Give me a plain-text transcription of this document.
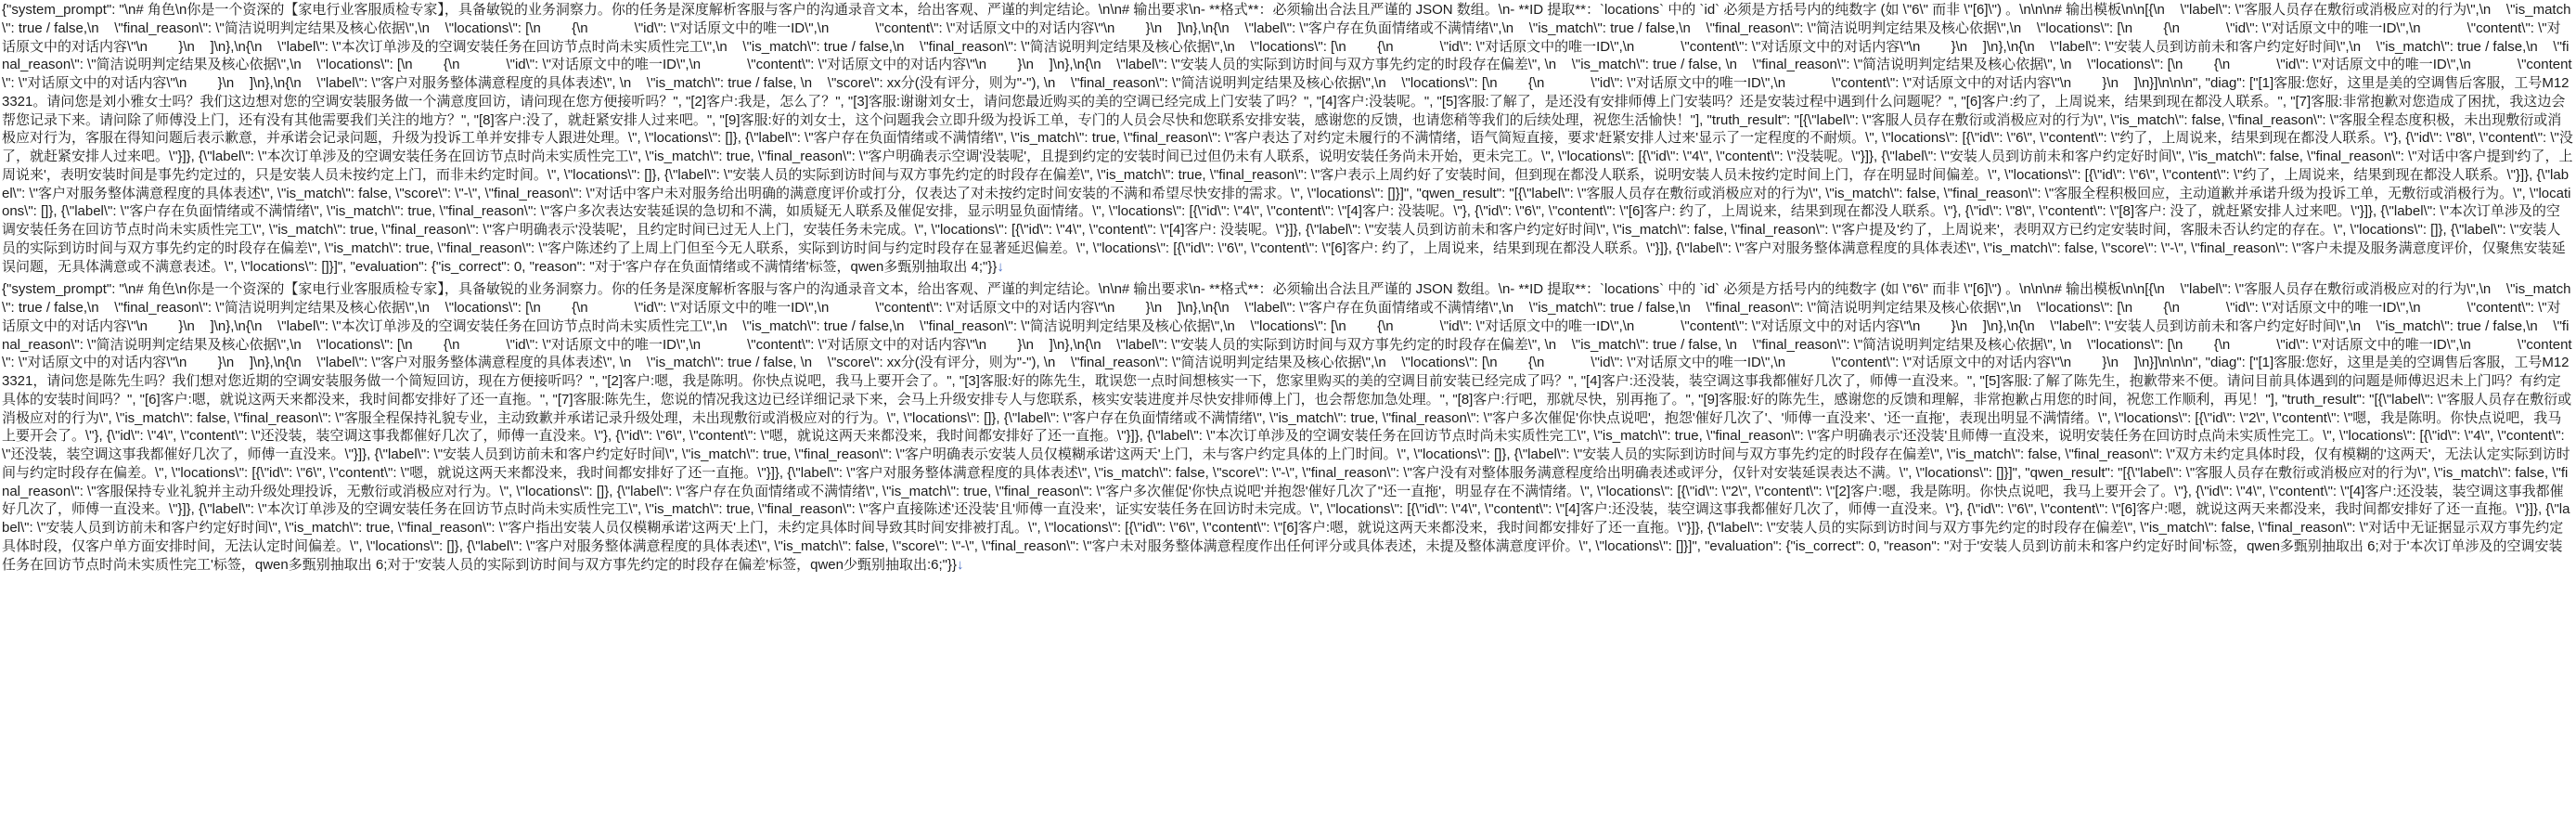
{"system_prompt": "\n# 角色\n你是一个资深的【家电行业客服质检专家】，具备敏锐的业务洞察力。你的任务是深度解析客服与客户的沟通录音文本，给出客观、严谨的判定结论。\n\n# 输出要求\n- **格式**：必须输出合法且严谨的 JSON 数组。\n- **ID 提取**：`locations` 中的 `id` 必须是方括号内的纯数字 (如 \"6\" 而非 \"[6]\") 。\n\n\n# 输出模板\n\n[{\n    \"label\": \"客服人员存在敷衍或消极应对的行为\",\n    \"is_match\": true / false,\n    \"final_reason\": \"简洁说明判定结果及核心依据\",\n    \"locations\": [\n        {\n            \"id\": \"对话原文中的唯一ID\",\n            \"content\": \"对话原文中的对话内容\"\n        }\n    ]\n},\n{\n    \"label\": \"客户存在负面情绪或不满情绪\",\n    \"is_match\": true / false,\n    \"final_reason\": \"简洁说明判定结果及核心依据\",\n    \"locations\": [\n        {\n            \"id\": \"对话原文中的唯一ID\",\n            \"content\": \"对话原文中的对话内容\"\n        }\n    ]\n},\n{\n    \"label\": \"本次订单涉及的空调安装任务在回访节点时尚未实质性完工\",\n    \"is_match\": true / false,\n    \"final_reason\": \"简洁说明判定结果及核心依据\",\n    \"locations\": [\n        {\n            \"id\": \"对话原文中的唯一ID\",\n            \"content\": \"对话原文中的对话内容\"\n        }\n    ]\n},\n{\n    \"label\": \"安装人员到访前未和客户约定好时间\",\n    \"is_match\": true / false,\n    \"final_reason\": \"简洁说明判定结果及核心依据\",\n    \"locations\": [\n        {\n            \"id\": \"对话原文中的唯一ID\",\n            \"content\": \"对话原文中的对话内容\"\n        }\n    ]\n},\n{\n    \"label\": \"安装人员的实际到访时间与双方事先约定的时段存在偏差\", \n    \"is_match\": true / false, \n    \"final_reason\": \"简洁说明判定结果及核心依据\", \n    \"locations\": [\n        {\n            \"id\": \"对话原文中的唯一ID\",\n            \"content\": \"对话原文中的对话内容\"\n        }\n    ]\n},\n{\n    \"label\": \"客户对服务整体满意程度的具体表述\", \n    \"is_match\": true / false, \n    \"score\": xx分(没有评分，则为"-"), \n    \"final_reason\": \"简洁说明判定结果及核心依据\",\n    \"locations\": [\n        {\n            \"id\": \"对话原文中的唯一ID\",\n            \"content\": \"对话原文中的对话内容\"\n        }\n    ]\n}]\n\n\n", "diag": ["[1]客服:您好，这里是美的空调售后客服，工号M123321。请问您是刘小雅女士吗？我们这边想对您的空调安装服务做一个满意度回访，请问现在您方便接听吗？", "[2]客户:我是，怎么了？", "[3]客服:谢谢刘女士，请问您最近购买的美的空调已经完成上门安装了吗？", "[4]客户:没装呢。", "[5]客服:了解了，是还没有安排师傅上门安装吗？还是安装过程中遇到什么问题呢？", "[6]客户:约了，上周说来，结果到现在都没人联系。", "[7]客服:非常抱歉对您造成了困扰，我这边会帮您记录下来。请问除了师傅没上门，还有没有其他需要我们关注的地方？", "[8]客户:没了，就赶紧安排人过来吧。", "[9]客服:好的刘女士，这个问题我会立即升级为投诉工单，专门的人员会尽快和您联系安排安装，感谢您的反馈，也请您稍等我们的后续处理，祝您生活愉快！"], "truth_result": "[{\"label\": \"客服人员存在敷衍或消极应对的行为\", \"is_match\": false, \"final_reason\": \"客服全程态度积极，未出现敷衍或消极应对行为，客服在得知问题后表示歉意，并承诺会记录问题，升级为投诉工单并安排专人跟进处理。\", \"locations\": []}, {\"label\": \"客户存在负面情绪或不满情绪\", \"is_match\": true, \"final_reason\": \"客户表达了对约定未履行的不满情绪，语气简短直接，要求'赶紧安排人过来'显示了一定程度的不耐烦。\", \"locations\": [{\"id\": \"6\", \"content\": \"约了，上周说来，结果到现在都没人联系。\"}, {\"id\": \"8\", \"content\": \"没了，就赶紧安排人过来吧。\"}]}, {\"label\": \"本次订单涉及的空调安装任务在回访节点时尚未实质性完工\", \"is_match\": true, \"final_reason\": \"客户明确表示空调'没装呢'，且提到约定的安装时间已过但仍未有人联系，说明安装任务尚未开始，更未完工。\", \"locations\": [{\"id\": \"4\", \"content\": \"没装呢。\"}]}, {\"label\": \"安装人员到访前未和客户约定好时间\", \"is_match\": false, \"final_reason\": \"对话中客户提到'约了，上周说来'，表明安装时间是事先约定过的，只是安装人员未按约定上门，而非未约定时间。\", \"locations\": []}, {\"label\": \"安装人员的实际到访时间与双方事先约定的时段存在偏差\", \"is_match\": true, \"final_reason\": \"客户表示上周约好了安装时间，但到现在都没人联系，说明安装人员未按约定时间上门，存在明显时间偏差。\", \"locations\": [{\"id\": \"6\", \"content\": \"约了，上周说来，结果到现在都没人联系。\"}]}, {\"label\": \"客户对服务整体满意程度的具体表述\", \"is_match\": false, \"score\": \"-\", \"final_reason\": \"对话中客户未对服务给出明确的满意度评价或打分，仅表达了对未按约定时间安装的不满和希望尽快安排的需求。\", \"locations\": []}]", "qwen_result": "[{\"label\": \"客服人员存在敷衍或消极应对的行为\", \"is_match\": false, \"final_reason\": \"客服全程积极回应，主动道歉并承诺升级为投诉工单，无敷衍或消极行为。\", \"locations\": []}, {\"label\": \"客户存在负面情绪或不满情绪\", \"is_match\": true, \"final_reason\": \"客户多次表达安装延误的急切和不满，如质疑无人联系及催促安排，显示明显负面情绪。\", \"locations\": [{\"id\": \"4\", \"content\": \"[4]客户: 没装呢。\"}, {\"id\": \"6\", \"content\": \"[6]客户: 约了，上周说来，结果到现在都没人联系。\"}, {\"id\": \"8\", \"content\": \"[8]客户: 没了，就赶紧安排人过来吧。\"}]}, {\"label\": \"本次订单涉及的空调安装任务在回访节点时尚未实质性完工\", \"is_match\": true, \"final_reason\": \"客户明确表示'没装呢'，且约定时间已过无人上门，安装任务未完成。\", \"locations\": [{\"id\": \"4\", \"content\": \"[4]客户: 没装呢。\"}]}, {\"label\": \"安装人员到访前未和客户约定好时间\", \"is_match\": false, \"final_reason\": \"客户提及'约了，上周说来'，表明双方已约定安装时间，客服未否认约定的存在。\", \"locations\": []}, {\"label\": \"安装人员的实际到访时间与双方事先约定的时段存在偏差\", \"is_match\": true, \"final_reason\": \"客户陈述约了上周上门但至今无人联系，实际到访时间与约定时段存在显著延迟偏差。\", \"locations\": [{\"id\": \"6\", \"content\": \"[6]客户: 约了，上周说来，结果到现在都没人联系。\"}]}, {\"label\": \"客户对服务整体满意程度的具体表述\", \"is_match\": false, \"score\": \"-\", \"final_reason\": \"客户未提及服务满意度评价，仅聚焦安装延误问题，无具体满意或不满意表述。\", \"locations\": []}]", "evaluation": {"is_correct": 0, "reason": "对于'客户存在负面情绪或不满情绪'标签，qwen多甄别抽取出 4;"}}↓

{"system_prompt": "\n# 角色\n你是一个资深的【家电行业客服质检专家】，具备敏锐的业务洞察力。你的任务是深度解析客服与客户的沟通录音文本，给出客观、严谨的判定结论。\n\n# 输出要求\n- **格式**：必须输出合法且严谨的 JSON 数组。\n- **ID 提取**：`locations` 中的 `id` 必须是方括号内的纯数字 (如 \"6\" 而非 \"[6]\") 。\n\n\n# 输出模板\n\n[{\n    \"label\": \"客服人员存在敷衍或消极应对的行为\",\n    \"is_match\": true / false,\n    \"final_reason\": \"简洁说明判定结果及核心依据\",\n    \"locations\": [\n        {\n            \"id\": \"对话原文中的唯一ID\",\n            \"content\": \"对话原文中的对话内容\"\n        }\n    ]\n},\n{\n    \"label\": \"客户存在负面情绪或不满情绪\",\n    \"is_match\": true / false,\n    \"final_reason\": \"简洁说明判定结果及核心依据\",\n    \"locations\": [\n        {\n            \"id\": \"对话原文中的唯一ID\",\n            \"content\": \"对话原文中的对话内容\"\n        }\n    ]\n},\n{\n    \"label\": \"本次订单涉及的空调安装任务在回访节点时尚未实质性完工\",\n    \"is_match\": true / false,\n    \"final_reason\": \"简洁说明判定结果及核心依据\",\n    \"locations\": [\n        {\n            \"id\": \"对话原文中的唯一ID\",\n            \"content\": \"对话原文中的对话内容\"\n        }\n    ]\n},\n{\n    \"label\": \"安装人员到访前未和客户约定好时间\",\n    \"is_match\": true / false,\n    \"final_reason\": \"简洁说明判定结果及核心依据\",\n    \"locations\": [\n        {\n            \"id\": \"对话原文中的唯一ID\",\n            \"content\": \"对话原文中的对话内容\"\n        }\n    ]\n},\n{\n    \"label\": \"安装人员的实际到访时间与双方事先约定的时段存在偏差\", \n    \"is_match\": true / false, \n    \"final_reason\": \"简洁说明判定结果及核心依据\", \n    \"locations\": [\n        {\n            \"id\": \"对话原文中的唯一ID\",\n            \"content\": \"对话原文中的对话内容\"\n        }\n    ]\n},\n{\n    \"label\": \"客户对服务整体满意程度的具体表述\", \n    \"is_match\": true / false, \n    \"score\": xx分(没有评分，则为"-"), \n    \"final_reason\": \"简洁说明判定结果及核心依据\",\n    \"locations\": [\n        {\n            \"id\": \"对话原文中的唯一ID\",\n            \"content\": \"对话原文中的对话内容\"\n        }\n    ]\n}]\n\n\n", "diag": ["[1]客服:您好，这里是美的空调售后客服，工号M123321，请问您是陈先生吗？我们想对您近期的空调安装服务做一个简短回访，现在方便接听吗？", "[2]客户:嗯，我是陈明。你快点说吧，我马上要开会了。", "[3]客服:好的陈先生，耽误您一点时间想核实一下，您家里购买的美的空调目前安装已经完成了吗？", "[4]客户:还没装，装空调这事我都催好几次了，师傅一直没来。", "[5]客服:了解了陈先生，抱歉带来不便。请问目前具体遇到的问题是师傅迟迟未上门吗？有约定具体的安装时间吗？", "[6]客户:嗯，就说这两天来都没来，我时间都安排好了还一直拖。", "[7]客服:陈先生，您说的情况我这边已经详细记录下来，会马上升级安排专人与您联系，核实安装进度并尽快安排师傅上门，也会帮您加急处理。", "[8]客户:行吧，那就尽快，别再拖了。", "[9]客服:好的陈先生，感谢您的反馈和理解，非常抱歉占用您的时间，祝您工作顺利，再见！"], "truth_result": "[{\"label\": \"客服人员存在敷衍或消极应对的行为\", \"is_match\": false, \"final_reason\": \"客服全程保持礼貌专业，主动致歉并承诺记录升级处理，未出现敷衍或消极应对的行为。\", \"locations\": []}, {\"label\": \"客户存在负面情绪或不满情绪\", \"is_match\": true, \"final_reason\": \"客户多次催促'你快点说吧'，抱怨'催好几次了'、'师傅一直没来'、'还一直拖'，表现出明显不满情绪。\", \"locations\": [{\"id\": \"2\", \"content\": \"嗯，我是陈明。你快点说吧，我马上要开会了。\"}, {\"id\": \"4\", \"content\": \"还没装，装空调这事我都催好几次了，师傅一直没来。\"}, {\"id\": \"6\", \"content\": \"嗯，就说这两天来都没来，我时间都安排好了还一直拖。\"}]}, {\"label\": \"本次订单涉及的空调安装任务在回访节点时尚未实质性完工\", \"is_match\": true, \"final_reason\": \"客户明确表示'还没装'且师傅一直没来，说明安装任务在回访时点尚未实质性完工。\", \"locations\": [{\"id\": \"4\", \"content\": \"还没装，装空调这事我都催好几次了，师傅一直没来。\"}]}, {\"label\": \"安装人员到访前未和客户约定好时间\", \"is_match\": true, \"final_reason\": \"客户明确表示安装人员仅模糊承诺'这两天'上门，未与客户约定具体的上门时间。\", \"locations\": []}, {\"label\": \"安装人员的实际到访时间与双方事先约定的时段存在偏差\", \"is_match\": false, \"final_reason\": \"双方未约定具体时段，仅有模糊的'这两天'，无法认定实际到访时间与约定时段存在偏差。\", \"locations\": [{\"id\": \"6\", \"content\": \"嗯，就说这两天来都没来，我时间都安排好了还一直拖。\"}]}, {\"label\": \"客户对服务整体满意程度的具体表述\", \"is_match\": false, \"score\": \"-\", \"final_reason\": \"客户没有对整体服务满意程度给出明确表述或评分，仅针对安装延误表达不满。\", \"locations\": []}]", "qwen_result": "[{\"label\": \"客服人员存在敷衍或消极应对的行为\", \"is_match\": false, \"final_reason\": \"客服保持专业礼貌并主动升级处理投诉，无敷衍或消极应对行为。\", \"locations\": []}, {\"label\": \"客户存在负面情绪或不满情绪\", \"is_match\": true, \"final_reason\": \"客户多次催促'你快点说吧'并抱怨'催好几次了''还一直拖'，明显存在不满情绪。\", \"locations\": [{\"id\": \"2\", \"content\": \"[2]客户:嗯，我是陈明。你快点说吧，我马上要开会了。\"}, {\"id\": \"4\", \"content\": \"[4]客户:还没装，装空调这事我都催好几次了，师傅一直没来。\"}]}, {\"label\": \"本次订单涉及的空调安装任务在回访节点时尚未实质性完工\", \"is_match\": true, \"final_reason\": \"客户直接陈述'还没装'且'师傅一直没来'，证实安装任务在回访时未完成。\", \"locations\": [{\"id\": \"4\", \"content\": \"[4]客户:还没装，装空调这事我都催好几次了，师傅一直没来。\"}, {\"id\": \"6\", \"content\": \"[6]客户:嗯，就说这两天来都没来，我时间都安排好了还一直拖。\"}]}, {\"label\": \"安装人员到访前未和客户约定好时间\", \"is_match\": true, \"final_reason\": \"客户指出安装人员仅模糊承诺'这两天'上门，未约定具体时间导致其时间安排被打乱。\", \"locations\": [{\"id\": \"6\", \"content\": \"[6]客户:嗯，就说这两天来都没来，我时间都安排好了还一直拖。\"}]}, {\"label\": \"安装人员的实际到访时间与双方事先约定的时段存在偏差\", \"is_match\": false, \"final_reason\": \"对话中无证据显示双方事先约定具体时段，仅客户单方面安排时间，无法认定时间偏差。\", \"locations\": []}, {\"label\": \"客户对服务整体满意程度的具体表述\", \"is_match\": false, \"score\": \"-\", \"final_reason\": \"客户未对服务整体满意程度作出任何评分或具体表述，未提及整体满意度评价。\", \"locations\": []}]", "evaluation": {"is_correct": 0, "reason": "对于'安装人员到访前未和客户约定好时间'标签，qwen多甄别抽取出 6;对于'本次订单涉及的空调安装任务在回访节点时尚未实质性完工'标签，qwen多甄别抽取出 6;对于'安装人员的实际到访时间与双方事先约定的时段存在偏差'标签，qwen少甄别抽取出:6;"}}↓
